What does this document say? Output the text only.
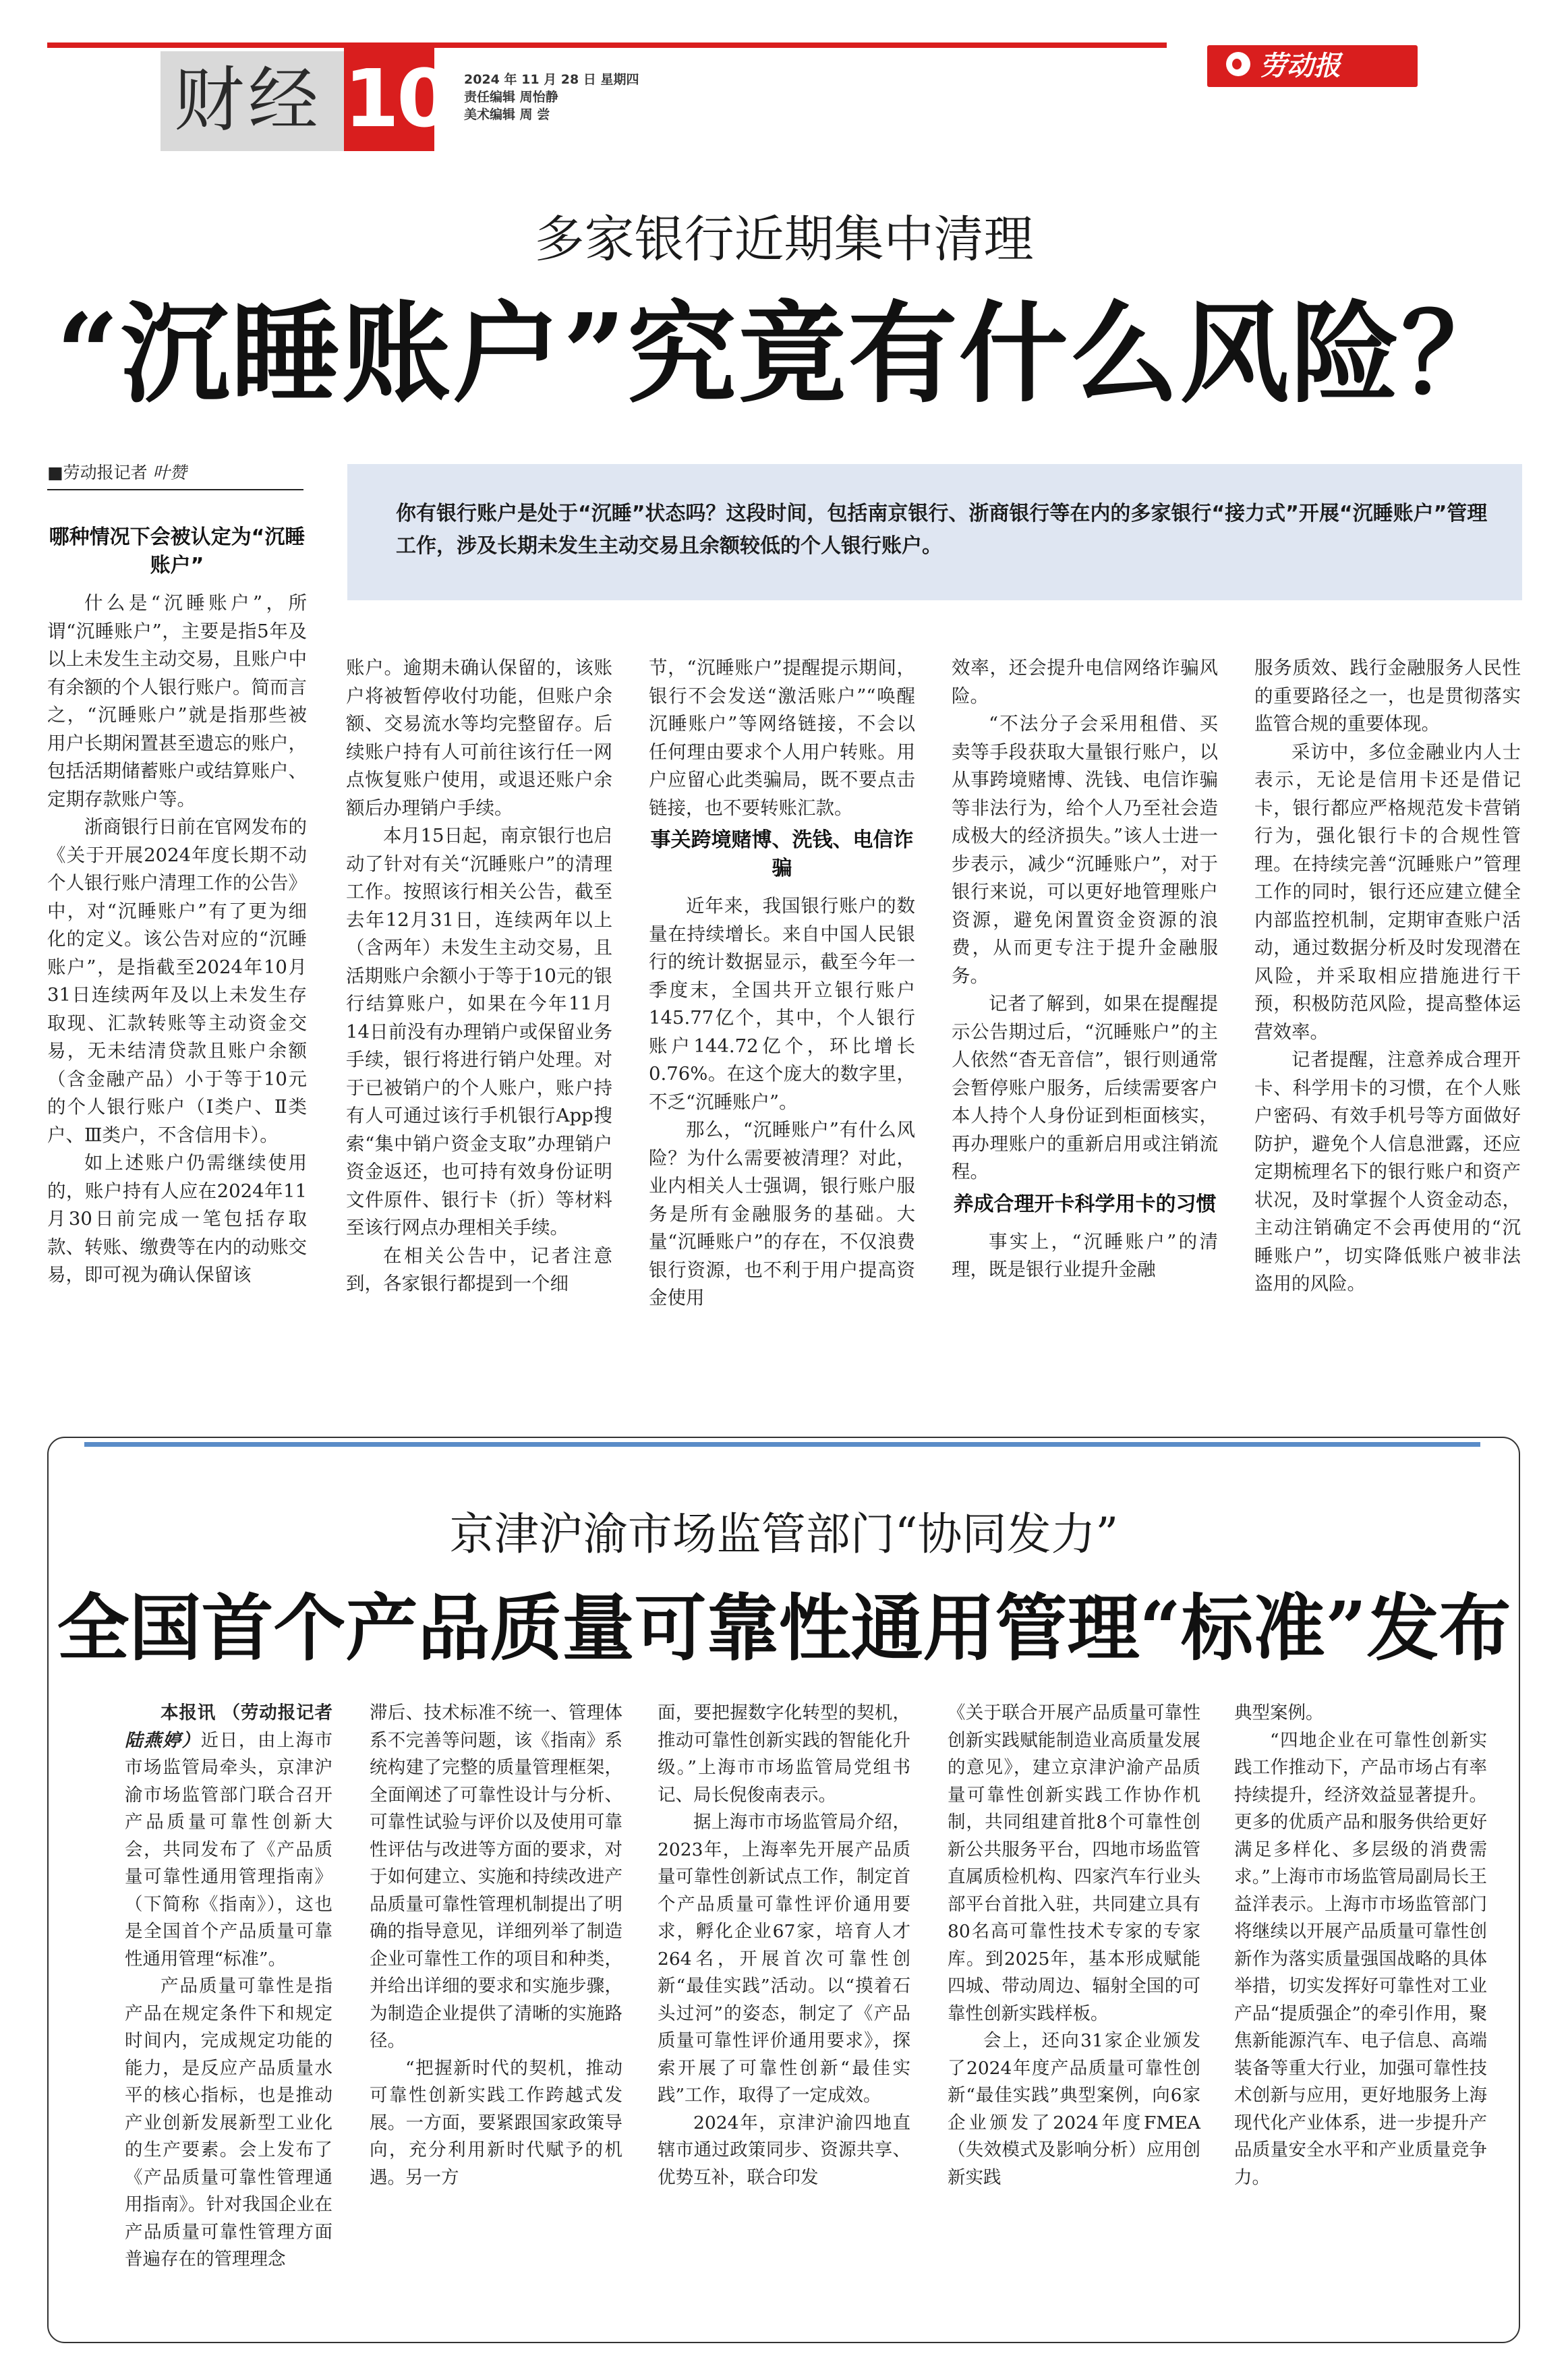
财经 10 2024 年 11 月 28 日 星期四
责任编辑 周怡静
美术编辑 周 尝
劳动报
多家银行近期集中清理
“沉睡账户”究竟有什么风险？
■劳动报记者 叶赞
你有银行账户是处于“沉睡”状态吗？这段时间，包括南京银行、浙商银行等在内的多家银行“接力式”开展“沉睡账户”管理工作，涉及长期未发生主动交易且余额较低的个人银行账户。
哪种情况下会被认定为“沉睡账户”

什么是“沉睡账户”，所谓“沉睡账户”，主要是指5年及以上未发生主动交易，且账户中有余额的个人银行账户。简而言之，“沉睡账户”就是指那些被用户长期闲置甚至遗忘的账户，包括活期储蓄账户或结算账户、定期存款账户等。

浙商银行日前在官网发布的《关于开展2024年度长期不动个人银行账户清理工作的公告》中，对“沉睡账户”有了更为细化的定义。该公告对应的“沉睡账户”，是指截至2024年10月31日连续两年及以上未发生存取现、汇款转账等主动资金交易，无未结清贷款且账户余额（含金融产品）小于等于10元的个人银行账户（Ⅰ类户、Ⅱ类户、Ⅲ类户，不含信用卡）。

如上述账户仍需继续使用的，账户持有人应在2024年11月30日前完成一笔包括存取款、转账、缴费等在内的动账交易，即可视为确认保留该

账户。逾期未确认保留的，该账户将被暂停收付功能，但账户余额、交易流水等均完整留存。后续账户持有人可前往该行任一网点恢复账户使用，或退还账户余额后办理销户手续。

本月15日起，南京银行也启动了针对有关“沉睡账户”的清理工作。按照该行相关公告，截至去年12月31日，连续两年以上（含两年）未发生主动交易，且活期账户余额小于等于10元的银行结算账户，如果在今年11月14日前没有办理销户或保留业务手续，银行将进行销户处理。对于已被销户的个人账户，账户持有人可通过该行手机银行App搜索“集中销户资金支取”办理销户资金返还，也可持有效身份证明文件原件、银行卡（折）等材料至该行网点办理相关手续。

在相关公告中，记者注意到，各家银行都提到一个细

节，“沉睡账户”提醒提示期间，银行不会发送“激活账户”“唤醒沉睡账户”等网络链接，不会以任何理由要求个人用户转账。用户应留心此类骗局，既不要点击链接，也不要转账汇款。

事关跨境赌博、洗钱、电信诈骗

近年来，我国银行账户的数量在持续增长。来自中国人民银行的统计数据显示，截至今年一季度末，全国共开立银行账户145.77亿个，其中，个人银行账户144.72亿个，环比增长0.76%。在这个庞大的数字里，不乏“沉睡账户”。

那么，“沉睡账户”有什么风险？为什么需要被清理？对此，业内相关人士强调，银行账户服务是所有金融服务的基础。大量“沉睡账户”的存在，不仅浪费银行资源，也不利于用户提高资金使用

效率，还会提升电信网络诈骗风险。

“不法分子会采用租借、买卖等手段获取大量银行账户，以从事跨境赌博、洗钱、电信诈骗等非法行为，给个人乃至社会造成极大的经济损失。”该人士进一步表示，减少“沉睡账户”，对于银行来说，可以更好地管理账户资源，避免闲置资金资源的浪费，从而更专注于提升金融服务。

记者了解到，如果在提醒提示公告期过后，“沉睡账户”的主人依然“杳无音信”，银行则通常会暂停账户服务，后续需要客户本人持个人身份证到柜面核实，再办理账户的重新启用或注销流程。

养成合理开卡科学用卡的习惯

事实上，“沉睡账户”的清理，既是银行业提升金融

服务质效、践行金融服务人民性的重要路径之一，也是贯彻落实监管合规的重要体现。

采访中，多位金融业内人士表示，无论是信用卡还是借记卡，银行都应严格规范发卡营销行为，强化银行卡的合规性管理。在持续完善“沉睡账户”管理工作的同时，银行还应建立健全内部监控机制，定期审查账户活动，通过数据分析及时发现潜在风险，并采取相应措施进行干预，积极防范风险，提高整体运营效率。

记者提醒，注意养成合理开卡、科学用卡的习惯，在个人账户密码、有效手机号等方面做好防护，避免个人信息泄露，还应定期梳理名下的银行账户和资产状况，及时掌握个人资金动态，主动注销确定不会再使用的“沉睡账户”，切实降低账户被非法盗用的风险。

京津沪渝市场监管部门“协同发力”
全国首个产品质量可靠性通用管理“标准”发布

本报讯 （劳动报记者陆燕婷）近日，由上海市市场监管局牵头，京津沪渝市场监管部门联合召开产品质量可靠性创新大会，共同发布了《产品质量可靠性通用管理指南》（下简称《指南》），这也是全国首个产品质量可靠性通用管理“标准”。

产品质量可靠性是指产品在规定条件下和规定时间内，完成规定功能的能力，是反应产品质量水平的核心指标，也是推动产业创新发展新型工业化的生产要素。会上发布了《产品质量可靠性管理通用指南》。针对我国企业在产品质量可靠性管理方面普遍存在的管理理念

滞后、技术标准不统一、管理体系不完善等问题，该《指南》系统构建了完整的质量管理框架，全面阐述了可靠性设计与分析、可靠性试验与评价以及使用可靠性评估与改进等方面的要求，对于如何建立、实施和持续改进产品质量可靠性管理机制提出了明确的指导意见，详细列举了制造企业可靠性工作的项目和种类，并给出详细的要求和实施步骤，为制造企业提供了清晰的实施路径。

“把握新时代的契机，推动可靠性创新实践工作跨越式发展。一方面，要紧跟国家政策导向，充分利用新时代赋予的机遇。另一方

面，要把握数字化转型的契机，推动可靠性创新实践的智能化升级。”上海市市场监管局党组书记、局长倪俊南表示。

据上海市市场监管局介绍，2023年，上海率先开展产品质量可靠性创新试点工作，制定首个产品质量可靠性评价通用要求，孵化企业67家，培育人才264名，开展首次可靠性创新“最佳实践”活动。以“摸着石头过河”的姿态，制定了《产品质量可靠性评价通用要求》，探索开展了可靠性创新“最佳实践”工作，取得了一定成效。

2024年，京津沪渝四地直辖市通过政策同步、资源共享、优势互补，联合印发

《关于联合开展产品质量可靠性创新实践赋能制造业高质量发展的意见》，建立京津沪渝产品质量可靠性创新实践工作协作机制，共同组建首批8个可靠性创新公共服务平台，四地市场监管直属质检机构、四家汽车行业头部平台首批入驻，共同建立具有80名高可靠性技术专家的专家库。到2025年，基本形成赋能四城、带动周边、辐射全国的可靠性创新实践样板。

会上，还向31家企业颁发了2024年度产品质量可靠性创新“最佳实践”典型案例，向6家企业颁发了2024年度FMEA（失效模式及影响分析）应用创新实践

典型案例。

“四地企业在可靠性创新实践工作推动下，产品市场占有率持续提升，经济效益显著提升。更多的优质产品和服务供给更好满足多样化、多层级的消费需求。”上海市市场监管局副局长王益洋表示。上海市市场监管部门将继续以开展产品质量可靠性创新作为落实质量强国战略的具体举措，切实发挥好可靠性对工业产品“提质强企”的牵引作用，聚焦新能源汽车、电子信息、高端装备等重大行业，加强可靠性技术创新与应用，更好地服务上海现代化产业体系，进一步提升产品质量安全水平和产业质量竞争力。
